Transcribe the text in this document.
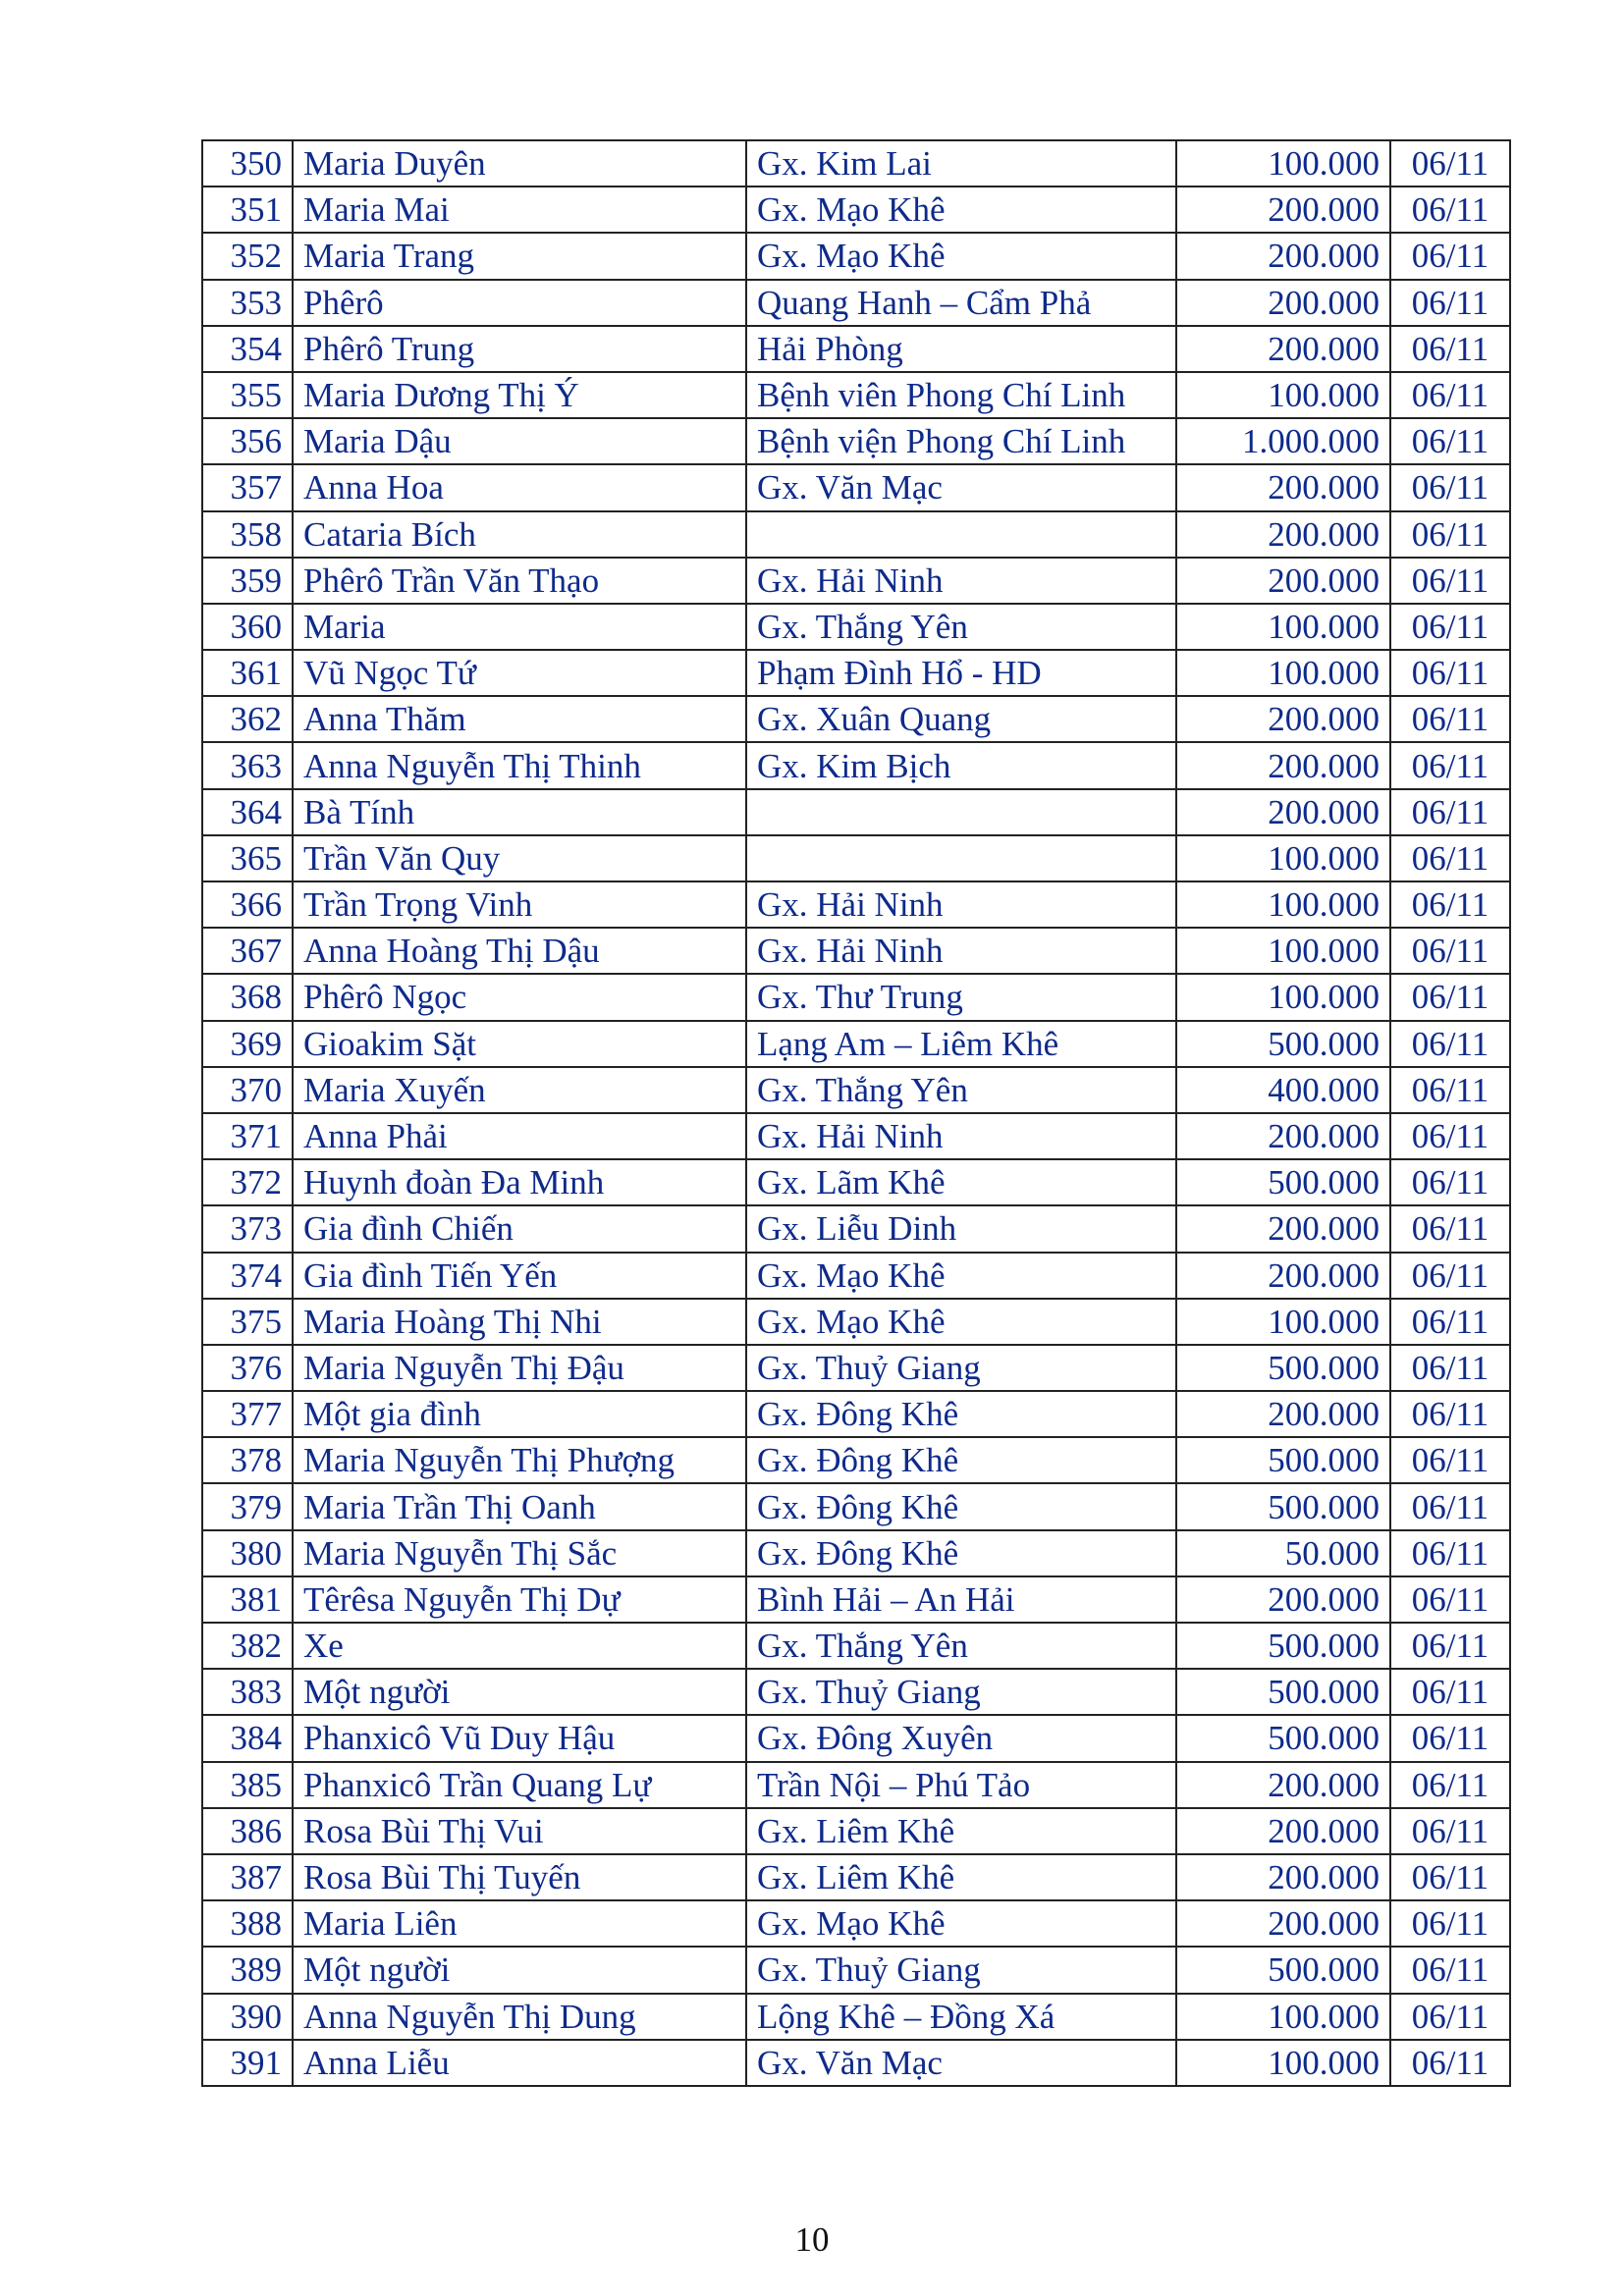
350	Maria Duyên	Gx. Kim Lai	100.000	06/11
351	Maria Mai	Gx. Mạo Khê	200.000	06/11
352	Maria Trang	Gx. Mạo Khê	200.000	06/11
353	Phêrô	Quang Hanh – Cẩm Phả	200.000	06/11
354	Phêrô Trung	Hải Phòng	200.000	06/11
355	Maria Dương Thị Ý	Bệnh viên Phong Chí Linh	100.000	06/11
356	Maria Dậu	Bệnh viện Phong Chí Linh	1.000.000	06/11
357	Anna Hoa	Gx. Văn Mạc	200.000	06/11
358	Cataria Bích		200.000	06/11
359	Phêrô Trần Văn Thạo	Gx. Hải Ninh	200.000	06/11
360	Maria	Gx. Thắng Yên	100.000	06/11
361	Vũ Ngọc Tứ	Phạm Đình Hổ - HD	100.000	06/11
362	Anna Thăm	Gx. Xuân Quang	200.000	06/11
363	Anna Nguyễn Thị Thinh	Gx. Kim Bịch	200.000	06/11
364	Bà Tính		200.000	06/11
365	Trần Văn Quy		100.000	06/11
366	Trần Trọng Vinh	Gx. Hải Ninh	100.000	06/11
367	Anna Hoàng Thị Dậu	Gx. Hải Ninh	100.000	06/11
368	Phêrô Ngọc	Gx. Thư Trung	100.000	06/11
369	Gioakim Sặt	Lạng Am – Liêm Khê	500.000	06/11
370	Maria Xuyến	Gx. Thắng Yên	400.000	06/11
371	Anna Phải	Gx. Hải Ninh	200.000	06/11
372	Huynh đoàn Đa Minh	Gx. Lãm Khê	500.000	06/11
373	Gia đình Chiến	Gx. Liễu Dinh	200.000	06/11
374	Gia đình Tiến Yến	Gx. Mạo Khê	200.000	06/11
375	Maria Hoàng Thị Nhi	Gx. Mạo Khê	100.000	06/11
376	Maria Nguyễn Thị Đậu	Gx. Thuỷ Giang	500.000	06/11
377	Một gia đình	Gx. Đông Khê	200.000	06/11
378	Maria Nguyễn Thị Phượng	Gx. Đông Khê	500.000	06/11
379	Maria Trần Thị Oanh	Gx. Đông Khê	500.000	06/11
380	Maria Nguyễn Thị Sắc	Gx. Đông Khê	50.000	06/11
381	Têrêsa Nguyễn Thị Dự	Bình Hải – An Hải	200.000	06/11
382	Xe	Gx. Thắng Yên	500.000	06/11
383	Một người	Gx. Thuỷ Giang	500.000	06/11
384	Phanxicô Vũ Duy Hậu	Gx. Đông Xuyên	500.000	06/11
385	Phanxicô Trần Quang Lự	Trần Nội – Phú Tảo	200.000	06/11
386	Rosa Bùi Thị Vui	Gx. Liêm Khê	200.000	06/11
387	Rosa Bùi Thị Tuyến	Gx. Liêm Khê	200.000	06/11
388	Maria Liên	Gx. Mạo Khê	200.000	06/11
389	Một người	Gx. Thuỷ Giang	500.000	06/11
390	Anna Nguyễn Thị Dung	Lộng Khê – Đồng Xá	100.000	06/11
391	Anna Liễu	Gx. Văn Mạc	100.000	06/11
10
